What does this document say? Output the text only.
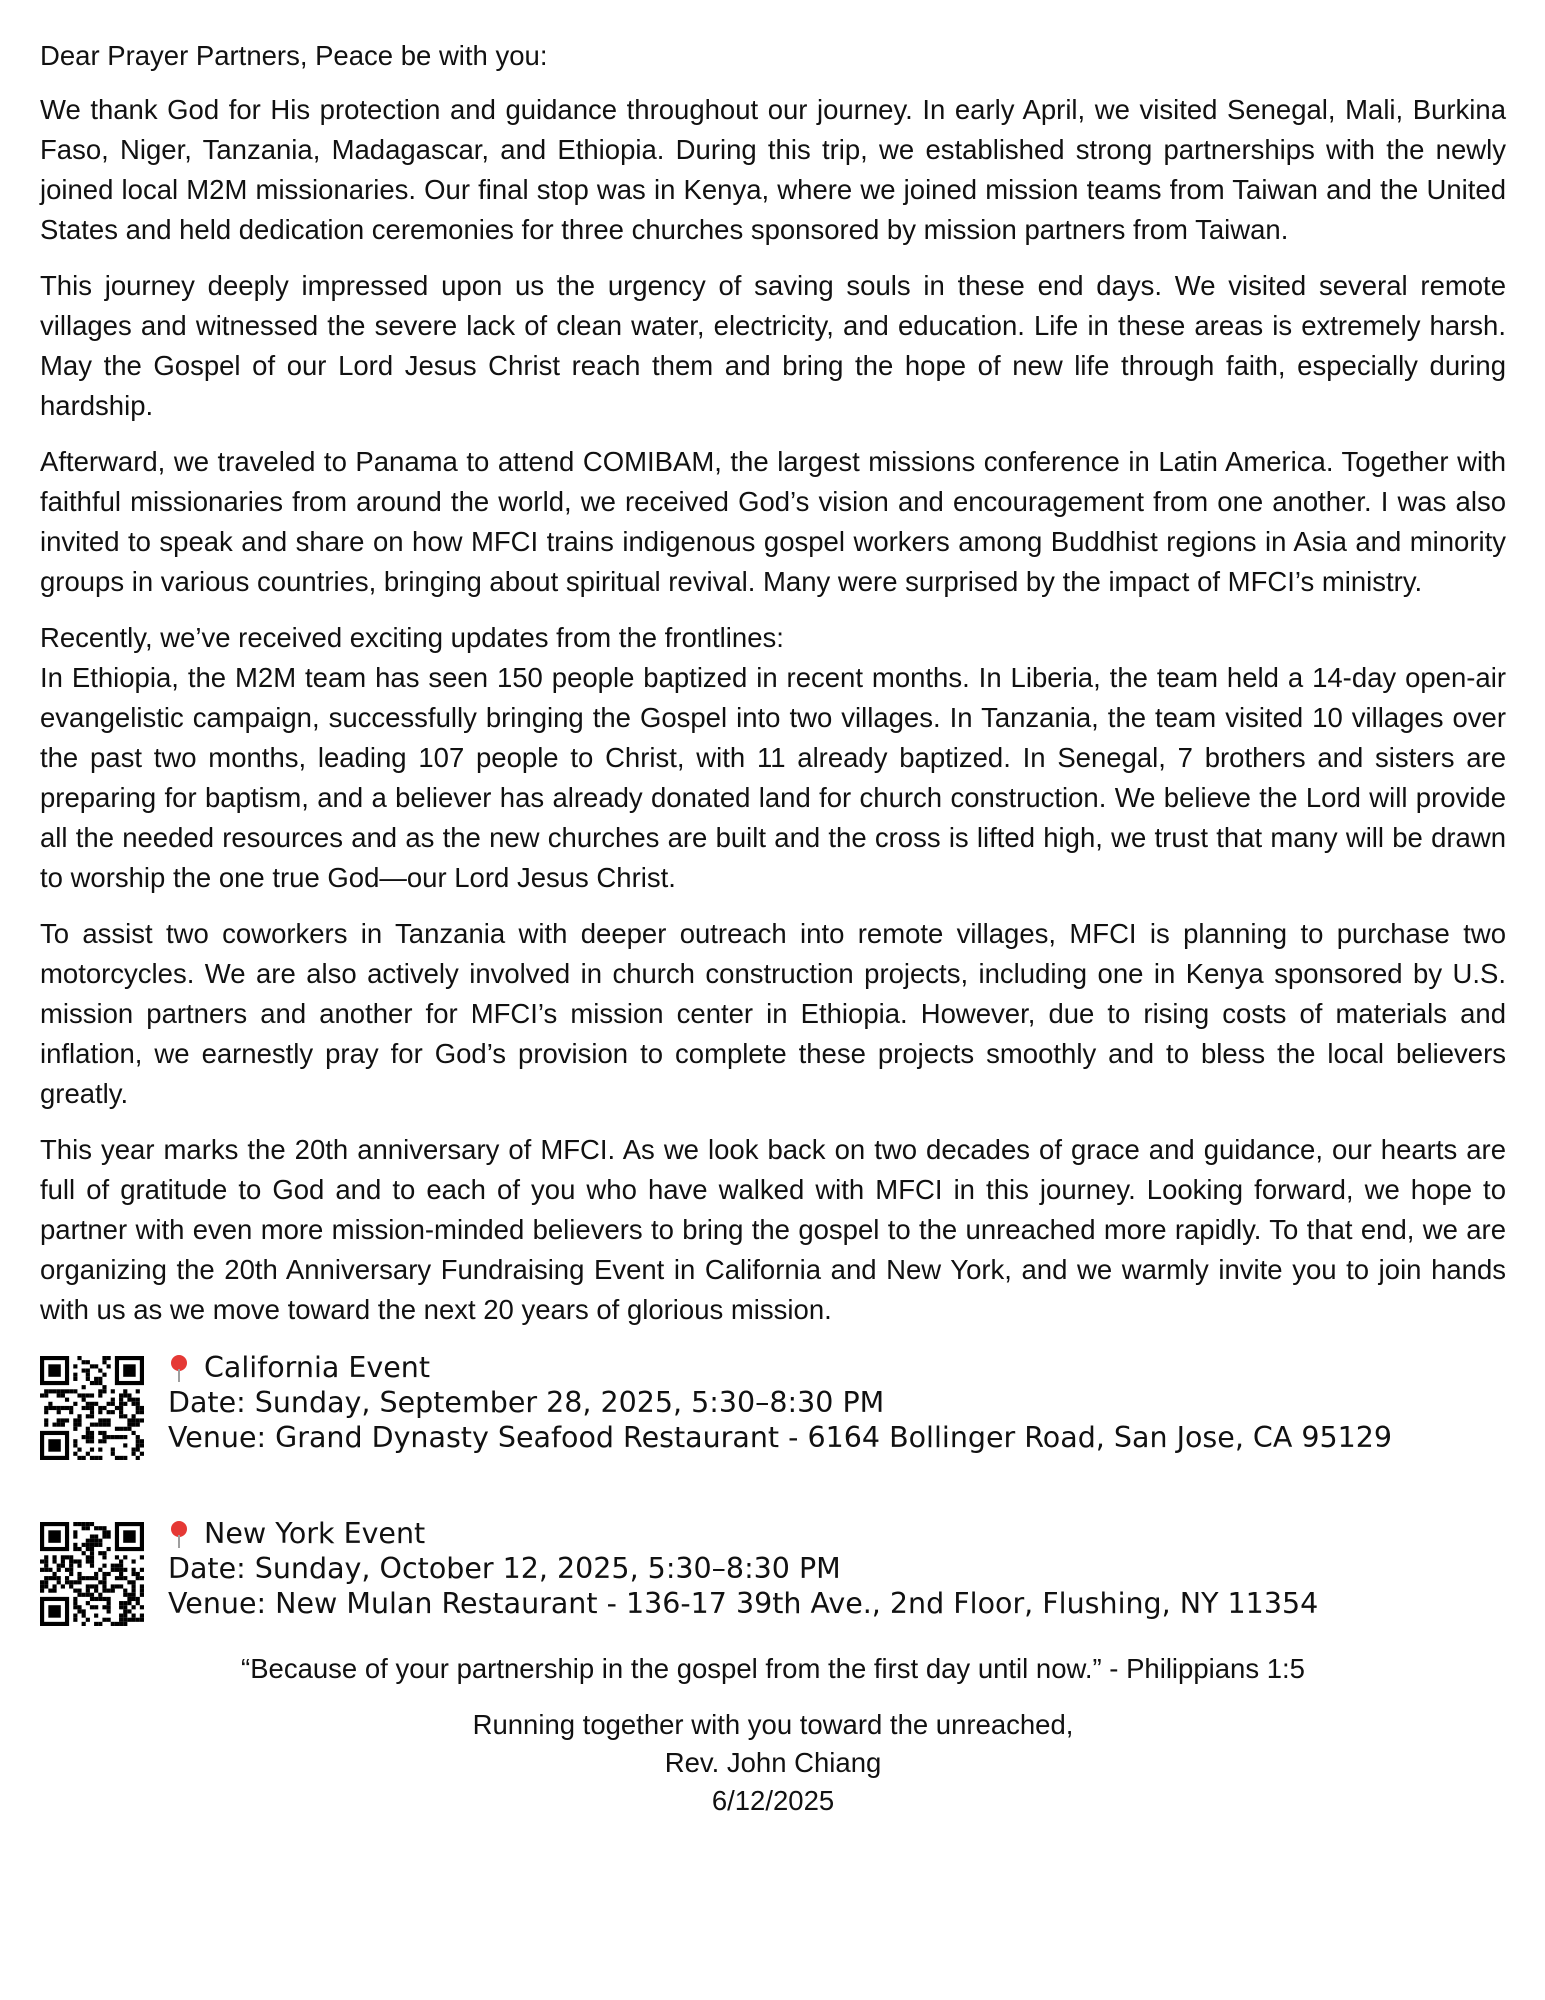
Dear Prayer Partners, Peace be with you:

We thank God for His protection and guidance throughout our journey. In early April, we visited Senegal, Mali, Burkina Faso, Niger, Tanzania, Madagascar, and Ethiopia. During this trip, we established strong partnerships with the newly joined local M2M missionaries. Our final stop was in Kenya, where we joined mission teams from Taiwan and the United States and held dedication ceremonies for three churches sponsored by mission partners from Taiwan.

This journey deeply impressed upon us the urgency of saving souls in these end days. We visited several remote villages and witnessed the severe lack of clean water, electricity, and education. Life in these areas is extremely harsh. May the Gospel of our Lord Jesus Christ reach them and bring the hope of new life through faith, especially during hardship.

Afterward, we traveled to Panama to attend COMIBAM, the largest missions conference in Latin America. Together with faithful missionaries from around the world, we received God’s vision and encouragement from one another. I was also invited to speak and share on how MFCI trains indigenous gospel workers among Buddhist regions in Asia and minority groups in various countries, bringing about spiritual revival. Many were surprised by the impact of MFCI’s ministry.

Recently, we’ve received exciting updates from the frontlines:

In Ethiopia, the M2M team has seen 150 people baptized in recent months. In Liberia, the team held a 14-day open-air evangelistic campaign, successfully bringing the Gospel into two villages. In Tanzania, the team visited 10 villages over the past two months, leading 107 people to Christ, with 11 already baptized. In Senegal, 7 brothers and sisters are preparing for baptism, and a believer has already donated land for church construction. We believe the Lord will provide all the needed resources and as the new churches are built and the cross is lifted high, we trust that many will be drawn to worship the one true God—our Lord Jesus Christ.

To assist two coworkers in Tanzania with deeper outreach into remote villages, MFCI is planning to purchase two motorcycles. We are also actively involved in church construction projects, including one in Kenya sponsored by U.S. mission partners and another for MFCI’s mission center in Ethiopia. However, due to rising costs of materials and inflation, we earnestly pray for God’s provision to complete these projects smoothly and to bless the local believers greatly.

This year marks the 20th anniversary of MFCI. As we look back on two decades of grace and guidance, our hearts are full of gratitude to God and to each of you who have walked with MFCI in this journey. Looking forward, we hope to partner with even more mission-minded believers to bring the gospel to the unreached more rapidly. To that end, we are organizing the 20th Anniversary Fundraising Event in California and New York, and we warmly invite you to join hands with us as we move toward the next 20 years of glorious mission.

California Event
Date: Sunday, September 28, 2025, 5:30–8:30 PM
Venue: Grand Dynasty Seafood Restaurant - 6164 Bollinger Road, San Jose, CA 95129
New York Event
Date: Sunday, October 12, 2025, 5:30–8:30 PM
Venue: New Mulan Restaurant - 136-17 39th Ave., 2nd Floor, Flushing, NY 11354
“Because of your partnership in the gospel from the first day until now.” - Philippians 1:5
Running together with you toward the unreached,
Rev. John Chiang
6/12/2025
